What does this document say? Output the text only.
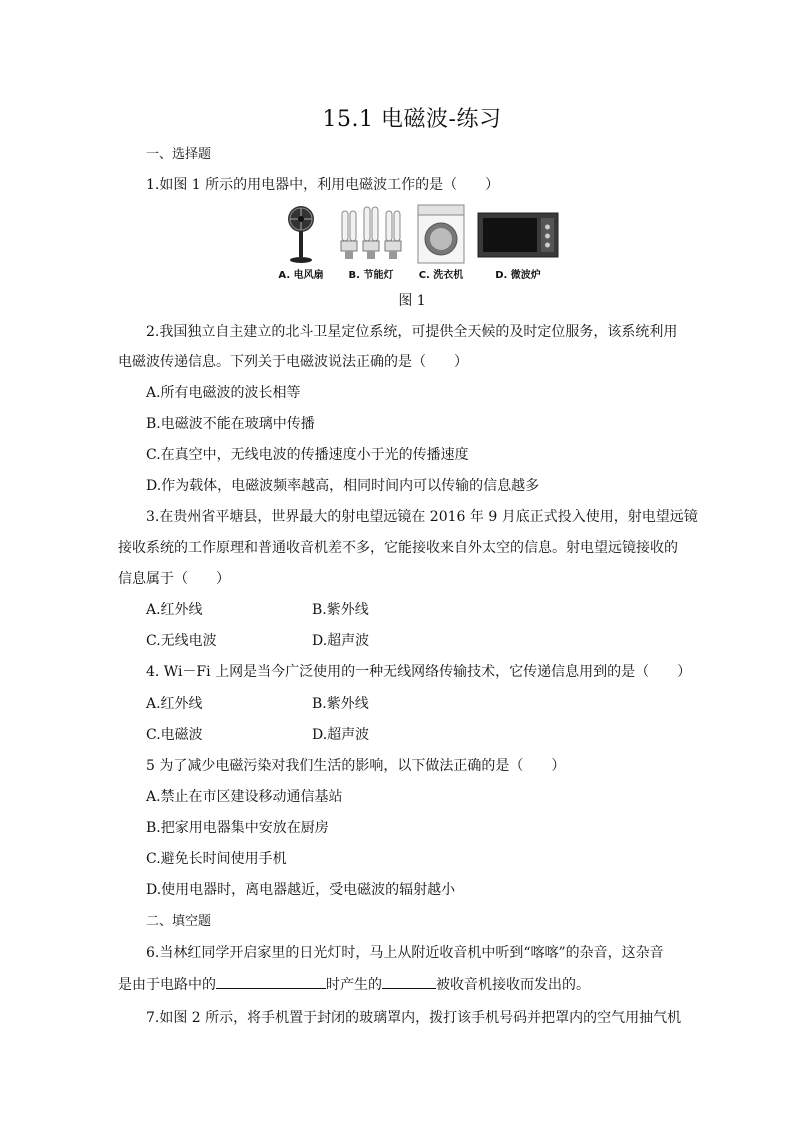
15.1 电磁波-练习
一、选择题
1.如图 1 所示的用电器中，利用电磁波工作的是（　　）
A. 电风扇	B. 节能灯	C. 洗衣机	D. 微波炉
图 1
2.我国独立自主建立的北斗卫星定位系统，可提供全天候的及时定位服务，该系统利用
电磁波传递信息。下列关于电磁波说法正确的是（　　）
A.所有电磁波的波长相等
B.电磁波不能在玻璃中传播
C.在真空中，无线电波的传播速度小于光的传播速度
D.作为载体，电磁波频率越高，相同时间内可以传输的信息越多
3.在贵州省平塘县，世界最大的射电望远镜在 2016 年 9 月底正式投入使用，射电望远镜
接收系统的工作原理和普通收音机差不多，它能接收来自外太空的信息。射电望远镜接收的
信息属于（　　）
A.红外线	B.紫外线
C.无线电波	D.超声波
4. Wi－Fi 上网是当今广泛使用的一种无线网络传输技术，它传递信息用到的是（　　）
A.红外线	B.紫外线
C.电磁波	D.超声波
5 为了减少电磁污染对我们生活的影响，以下做法正确的是（　　）
A.禁止在市区建设移动通信基站
B.把家用电器集中安放在厨房
C.避免长时间使用手机
D.使用电器时，离电器越近，受电磁波的辐射越小
二、填空题
6.当林红同学开启家里的日光灯时，马上从附近收音机中听到“喀喀”的杂音，这杂音
是由于电路中的	时产生的	被收音机接收而发出的。
7.如图 2 所示，将手机置于封闭的玻璃罩内，拨打该手机号码并把罩内的空气用抽气机
